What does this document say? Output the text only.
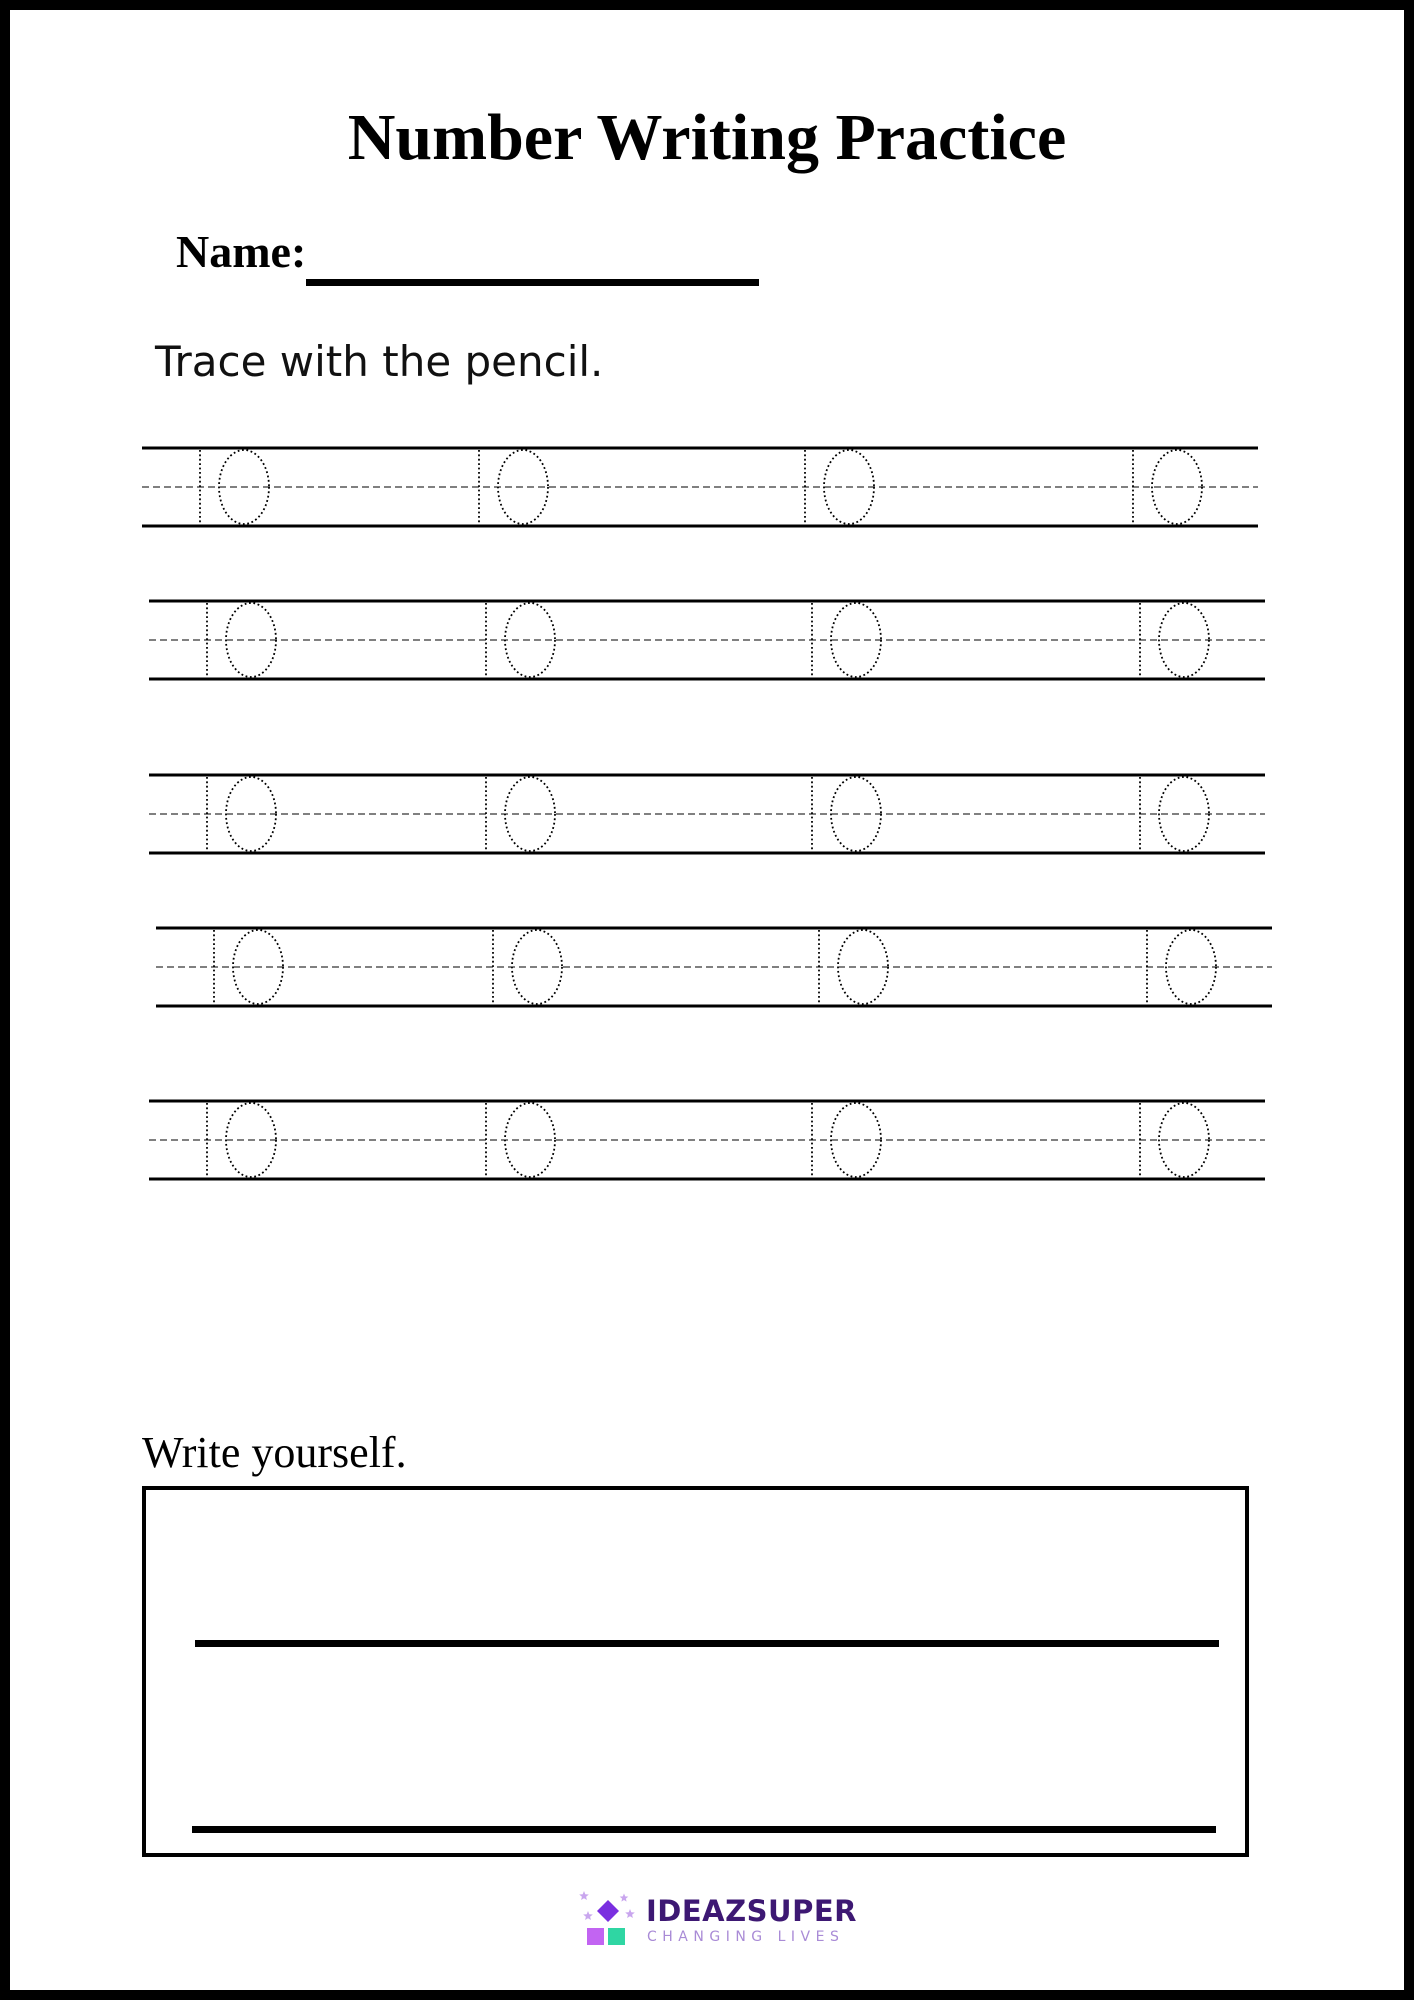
Number Writing Practice
Name:
Trace with the pencil.
Write yourself.
IDEAZSUPER
CHANGING LIVES
